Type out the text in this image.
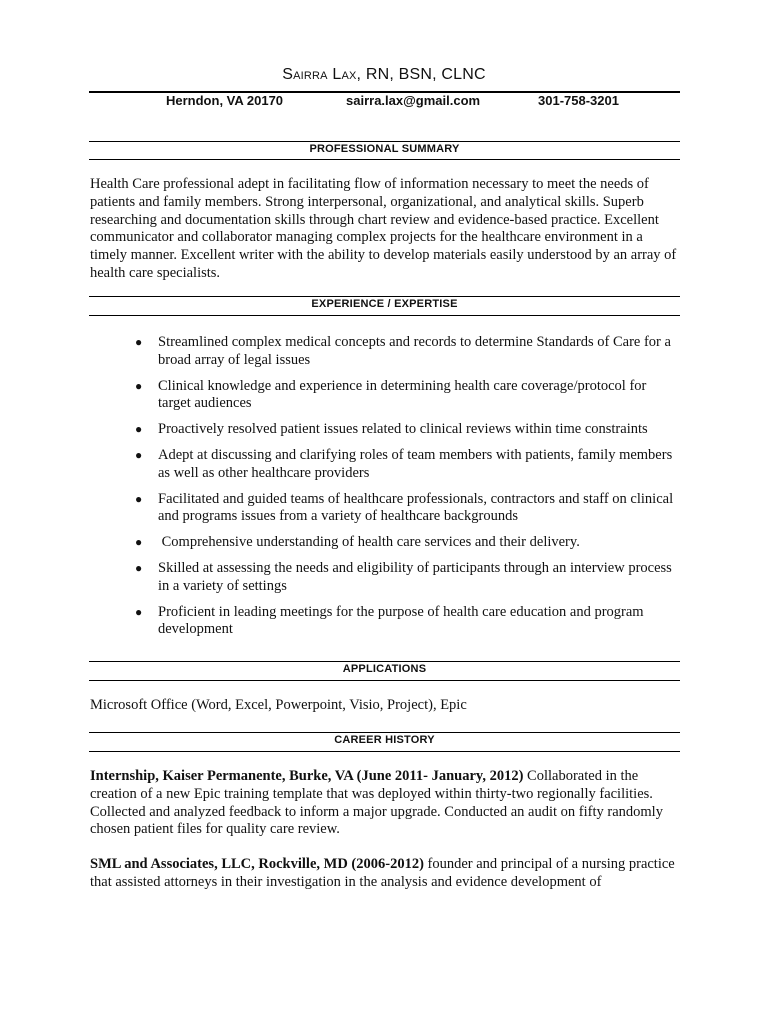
Sairra Lax, RN, BSN, CLNC
Herndon, VA 20170	sairra.lax@gmail.com	301-758-3201
PROFESSIONAL SUMMARY
Health Care professional adept in facilitating flow of information necessary to meet the needs of patients and family members. Strong interpersonal, organizational, and analytical skills. Superb researching and documentation skills through chart review and evidence-based practice. Excellent communicator and collaborator managing complex projects for the healthcare environment in a timely manner. Excellent writer with the ability to develop materials easily understood by an array of health care specialists.
EXPERIENCE / EXPERTISE
● Streamlined complex medical concepts and records to determine Standards of Care for a broad array of legal issues
● Clinical knowledge and experience in determining health care coverage/protocol for target audiences
● Proactively resolved patient issues related to clinical reviews within time constraints
● Adept at discussing and clarifying roles of team members with patients, family members as well as other healthcare providers
● Facilitated and guided teams of healthcare professionals, contractors and staff on clinical and programs issues from a variety of healthcare backgrounds
● Comprehensive understanding of health care services and their delivery.
● Skilled at assessing the needs and eligibility of participants through an interview process in a variety of settings
● Proficient in leading meetings for the purpose of health care education and program development
APPLICATIONS
Microsoft Office (Word, Excel, Powerpoint, Visio, Project), Epic
CAREER HISTORY
Internship, Kaiser Permanente, Burke, VA (June 2011- January, 2012) Collaborated in the creation of a new Epic training template that was deployed within thirty-two regionally facilities. Collected and analyzed feedback to inform a major upgrade. Conducted an audit on fifty randomly chosen patient files for quality care review.
SML and Associates, LLC, Rockville, MD (2006-2012) founder and principal of a nursing practice that assisted attorneys in their investigation in the analysis and evidence development of
